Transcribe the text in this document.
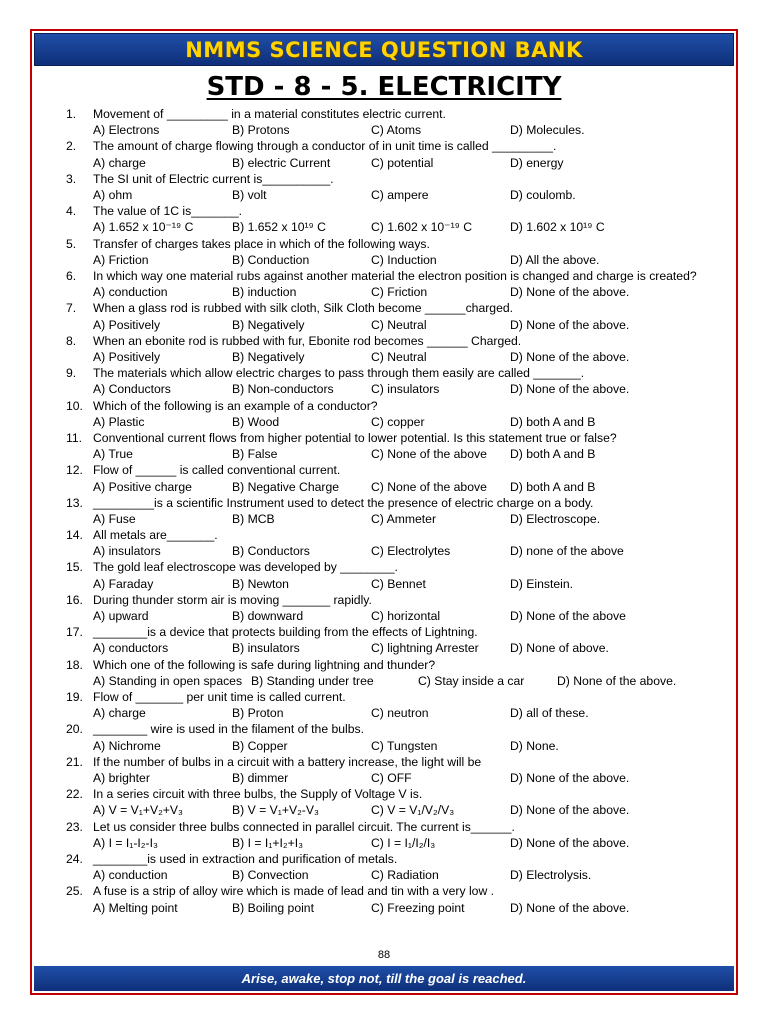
NMMS SCIENCE QUESTION BANK
STD - 8 - 5. ELECTRICITY
1.	Movement of _________ in a material constitutes electric current.
A) Electrons	B) Protons	C) Atoms	D) Molecules.
2.	The amount of charge flowing through a conductor of in unit time is called _________.
A) charge	B) electric Current	C) potential	D) energy
3.	The SI unit of Electric current is__________.
A) ohm	B) volt	C) ampere	D) coulomb.
4.	The value of 1C is_______.
A) 1.652 x 10⁻¹⁹ C	B) 1.652 x 10¹⁹ C	C) 1.602 x 10⁻¹⁹ C	D) 1.602 x 10¹⁹ C
5.	Transfer of charges takes place in which of the following ways.
A) Friction	B) Conduction	C) Induction	D) All the above.
6.	In which way one material rubs against another material the electron position is changed and charge is created?
A) conduction	B) induction	C) Friction	D) None of the above.
7.	When a glass rod is rubbed with silk cloth, Silk Cloth become ______charged.
A) Positively	B) Negatively	C) Neutral	D) None of the above.
8.	When an ebonite rod is rubbed with fur, Ebonite rod becomes ______ Charged.
A) Positively	B) Negatively	C) Neutral	D) None of the above.
9.	The materials which allow electric charges to pass through them easily are called _______.
A) Conductors	B) Non-conductors	C) insulators	D) None of the above.
10. Which of the following is an example of a conductor?
A) Plastic	B) Wood	C) copper	D) both A and B
11. Conventional current flows from higher potential to lower potential. Is this statement true or false?
A) True	B) False	C) None of the above D) both A and B
12. Flow of ______ is called conventional current.
A) Positive charge	B) Negative Charge	C) None of the above D) both A and B
13. _________is a scientific Instrument used to detect the presence of electric charge on a body.
A) Fuse	B) MCB	C) Ammeter	D) Electroscope.
14. All metals are_______.
A) insulators	B) Conductors	C) Electrolytes	D) none of the above
15. The gold leaf electroscope was developed by ________.
A) Faraday	B) Newton	C) Bennet	D) Einstein.
16. During thunder storm air is moving _______ rapidly.
A) upward	B) downward	C) horizontal	D) None of the above
17. ________is a device that protects building from the effects of Lightning.
A) conductors	B) insulators	C) lightning Arrester	D) None of above.
18. Which one of the following is safe during lightning and thunder?
A) Standing in open spaces B) Standing under tree	C) Stay inside a car	D) None of the above.
19. Flow of _______ per unit time is called current.
A) charge	B) Proton	C) neutron	D) all of these.
20. ________ wire is used in the filament of the bulbs.
A) Nichrome	B) Copper	C) Tungsten	D) None.
21. If the number of bulbs in a circuit with a battery increase, the light will be
A) brighter	B) dimmer	C) OFF	D) None of the above.
22. In a series circuit with three bulbs, the Supply of Voltage V is.
A) V = V₁+V₂+V₃	B) V = V₁+V₂-V₃	C) V = V₁/V₂/V₃	D) None of the above.
23. Let us consider three bulbs connected in parallel circuit. The current is______.
A) I = I₁-I₂-I₃	B) I = I₁+I₂+I₃	C) I = I₁/I₂/I₃	D) None of the above.
24. ________is used in extraction and purification of metals.
A) conduction	B) Convection	C) Radiation	D) Electrolysis.
25. A fuse is a strip of alloy wire which is made of lead and tin with a very low .
A) Melting point	B) Boiling point	C) Freezing point	D) None of the above.
88
Arise, awake, stop not, till the goal is reached.
